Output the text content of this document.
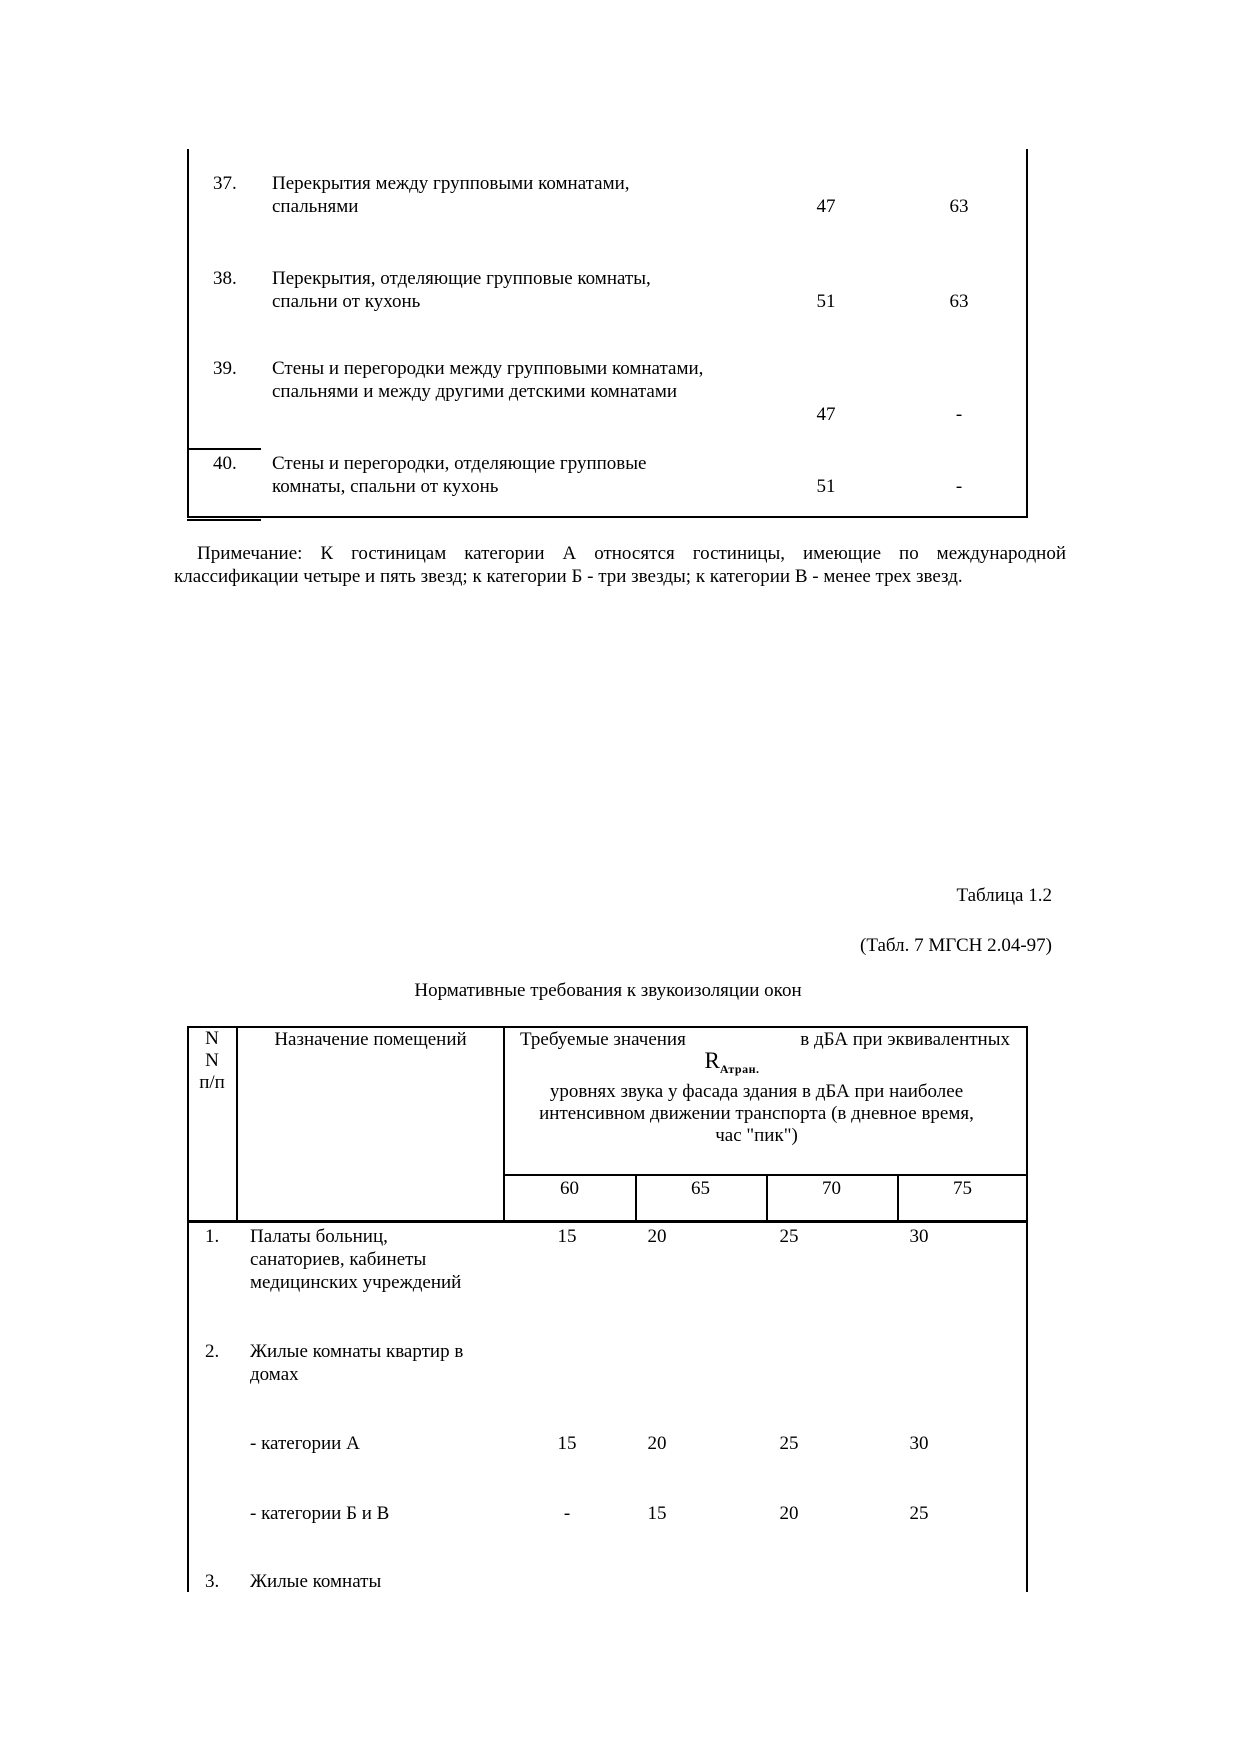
37. Перекрытия между групповыми комнатами,
спальнями	47	63
38. Перекрытия, отделяющие групповые комнаты,
спальни от кухонь	51	63
39. Стены и перегородки между групповыми комнатами,
спальнями и между другими детскими комнатами
47	-
40. Стены и перегородки, отделяющие групповые
комнаты, спальни от кухонь	51	-
Примечание: К гостиницам категории А относятся гостиницы, имеющие по международной
классификации четыре и пять звезд; к категории Б - три звезды; к категории В - менее трех звезд.
Таблица 1.2
(Табл. 7 МГСН 2.04-97)
Нормативные требования к звукоизоляции окон
N
N
п/п
Назначение помещений	Требуемые значения	в дБА при эквивалентных
$R_{Атран.}$
уровнях звука у фасада здания в дБА при наиболее
интенсивном движении транспорта (в дневное время,
час "пик")
60	65	70	75
1. Палаты больниц,
санаториев, кабинеты
медицинских учреждений
15	20	25	30
2. Жилые комнаты квартир в
домах
- категории А	15	20	25	30
- категории Б и В	-	15	20	25
3. Жилые комнаты
